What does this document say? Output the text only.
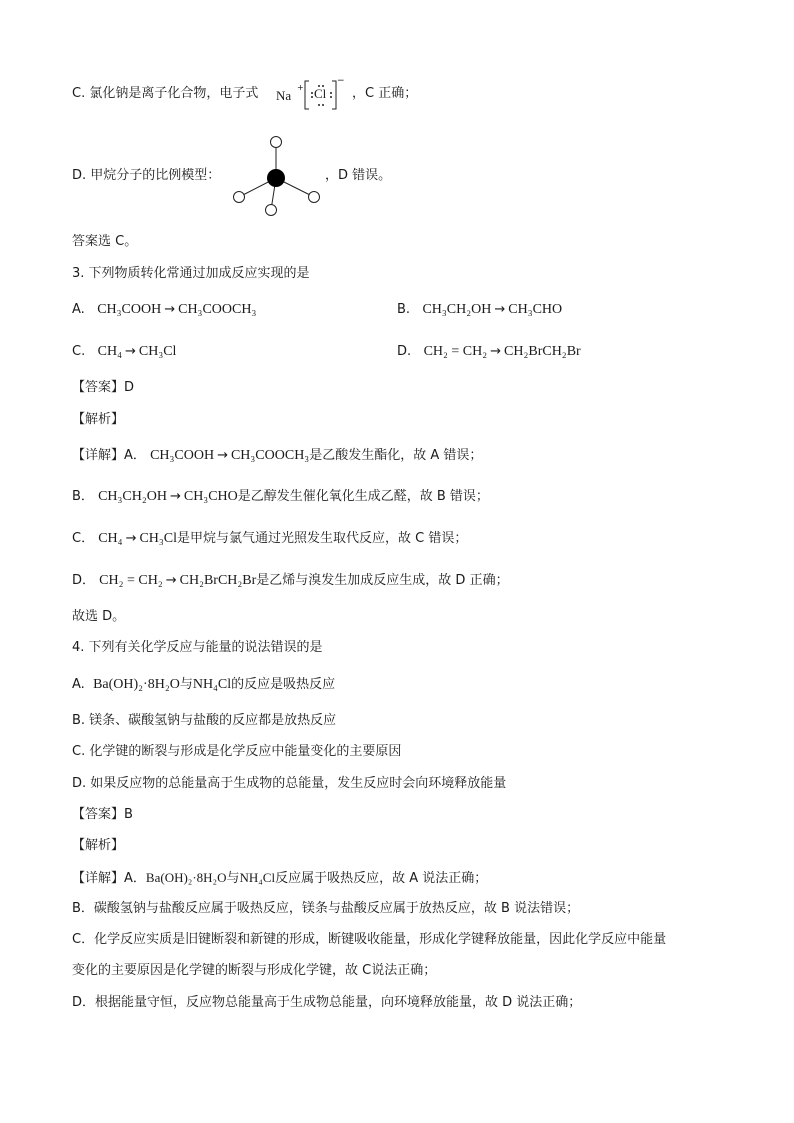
C. 氯化钠是离子化合物，电子式 Na
+ Cl
−
，C 正确；
D. 甲烷分子的比例模型：	，D 错误。
答案选 C。
3. 下列物质转化常通过加成反应实现的是
A. CH₃COOH → CH₃COOCH₃	B. CH₃CH₂OH → CH₃CHO
C. CH₄ → CH₃Cl	D. CH₂ = CH₂ → CH₂BrCH₂Br
【答案】D
【解析】
【详解】A． CH₃COOH → CH₃COOCH₃是乙酸发生酯化，故 A 错误；
B． CH₃CH₂OH → CH₃CHO是乙醇发生催化氧化生成乙醛，故 B 错误；
C． CH₄ → CH₃Cl是甲烷与氯气通过光照发生取代反应，故 C 错误；
D． CH₂ = CH₂ → CH₂BrCH₂Br是乙烯与溴发生加成反应生成，故 D 正确；
故选 D。
4. 下列有关化学反应与能量的说法错误的是
A. Ba(OH)₂·8H₂O与NH₄Cl的反应是吸热反应
B. 镁条、碳酸氢钠与盐酸的反应都是放热反应
C. 化学键的断裂与形成是化学反应中能量变化的主要原因
D. 如果反应物的总能量高于生成物的总能量，发生反应时会向环境释放能量
【答案】B
【解析】
【详解】A．Ba(OH)₂·8H₂O与NH₄Cl反应属于吸热反应，故 A 说法正确；
B．碳酸氢钠与盐酸反应属于吸热反应，镁条与盐酸反应属于放热反应，故 B 说法错误；
C．化学反应实质是旧键断裂和新键的形成，断键吸收能量，形成化学键释放能量，因此化学反应中能量
变化的主要原因是化学键的断裂与形成化学键，故 C说法正确；
D．根据能量守恒，反应物总能量高于生成物总能量，向环境释放能量，故 D 说法正确；
